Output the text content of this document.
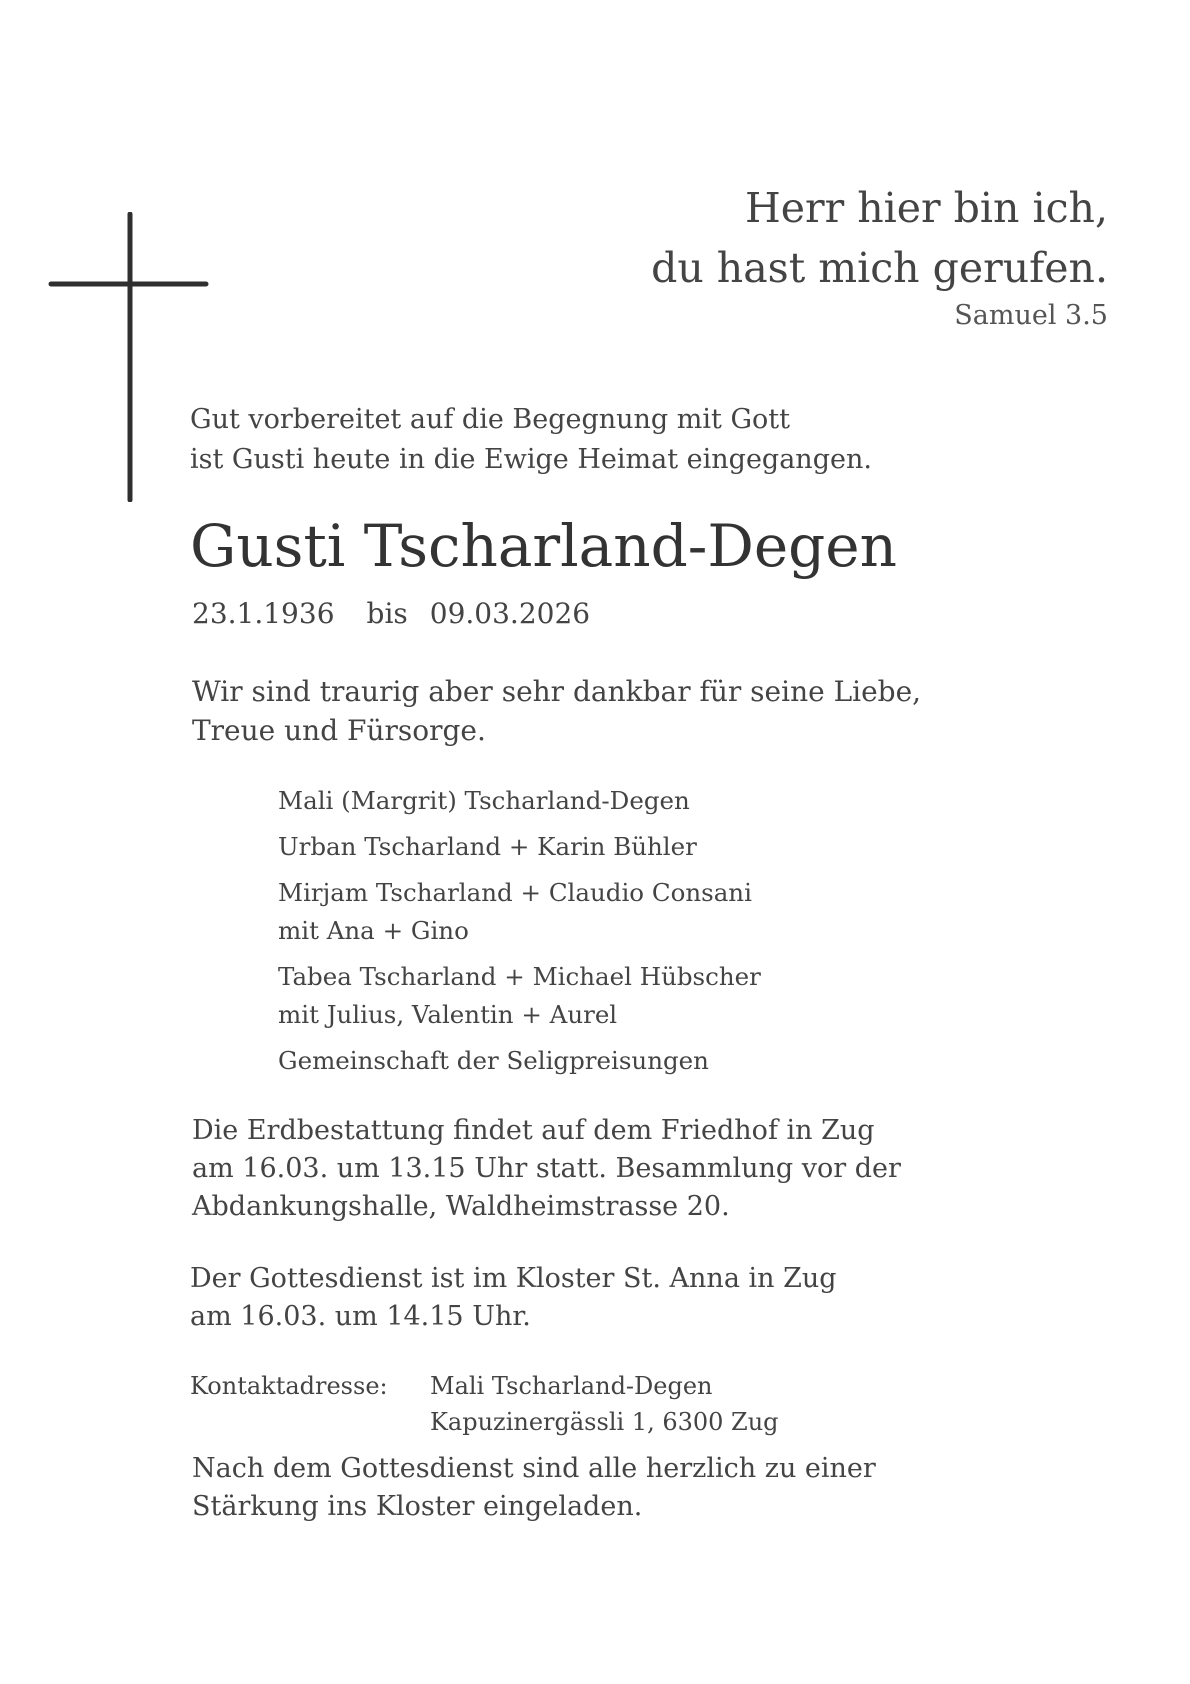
Herr hier bin ich,
du hast mich gerufen.
Samuel 3.5
Gut vorbereitet auf die Begegnung mit Gott
ist Gusti heute in die Ewige Heimat eingegangen.
Gusti Tscharland-Degen
23.1.1936 bis 09.03.2026
Wir sind traurig aber sehr dankbar für seine Liebe,
Treue und Fürsorge.
Mali (Margrit) Tscharland-Degen
Urban Tscharland + Karin Bühler
Mirjam Tscharland + Claudio Consani
mit Ana + Gino
Tabea Tscharland + Michael Hübscher
mit Julius, Valentin + Aurel
Gemeinschaft der Seligpreisungen
Die Erdbestattung findet auf dem Friedhof in Zug
am 16.03. um 13.15 Uhr statt. Besammlung vor der
Abdankungshalle, Waldheimstrasse 20.
Der Gottesdienst ist im Kloster St. Anna in Zug
am 16.03. um 14.15 Uhr.
Kontaktadresse: Mali Tscharland-Degen
Kapuzinergässli 1, 6300 Zug
Nach dem Gottesdienst sind alle herzlich zu einer
Stärkung ins Kloster eingeladen.
